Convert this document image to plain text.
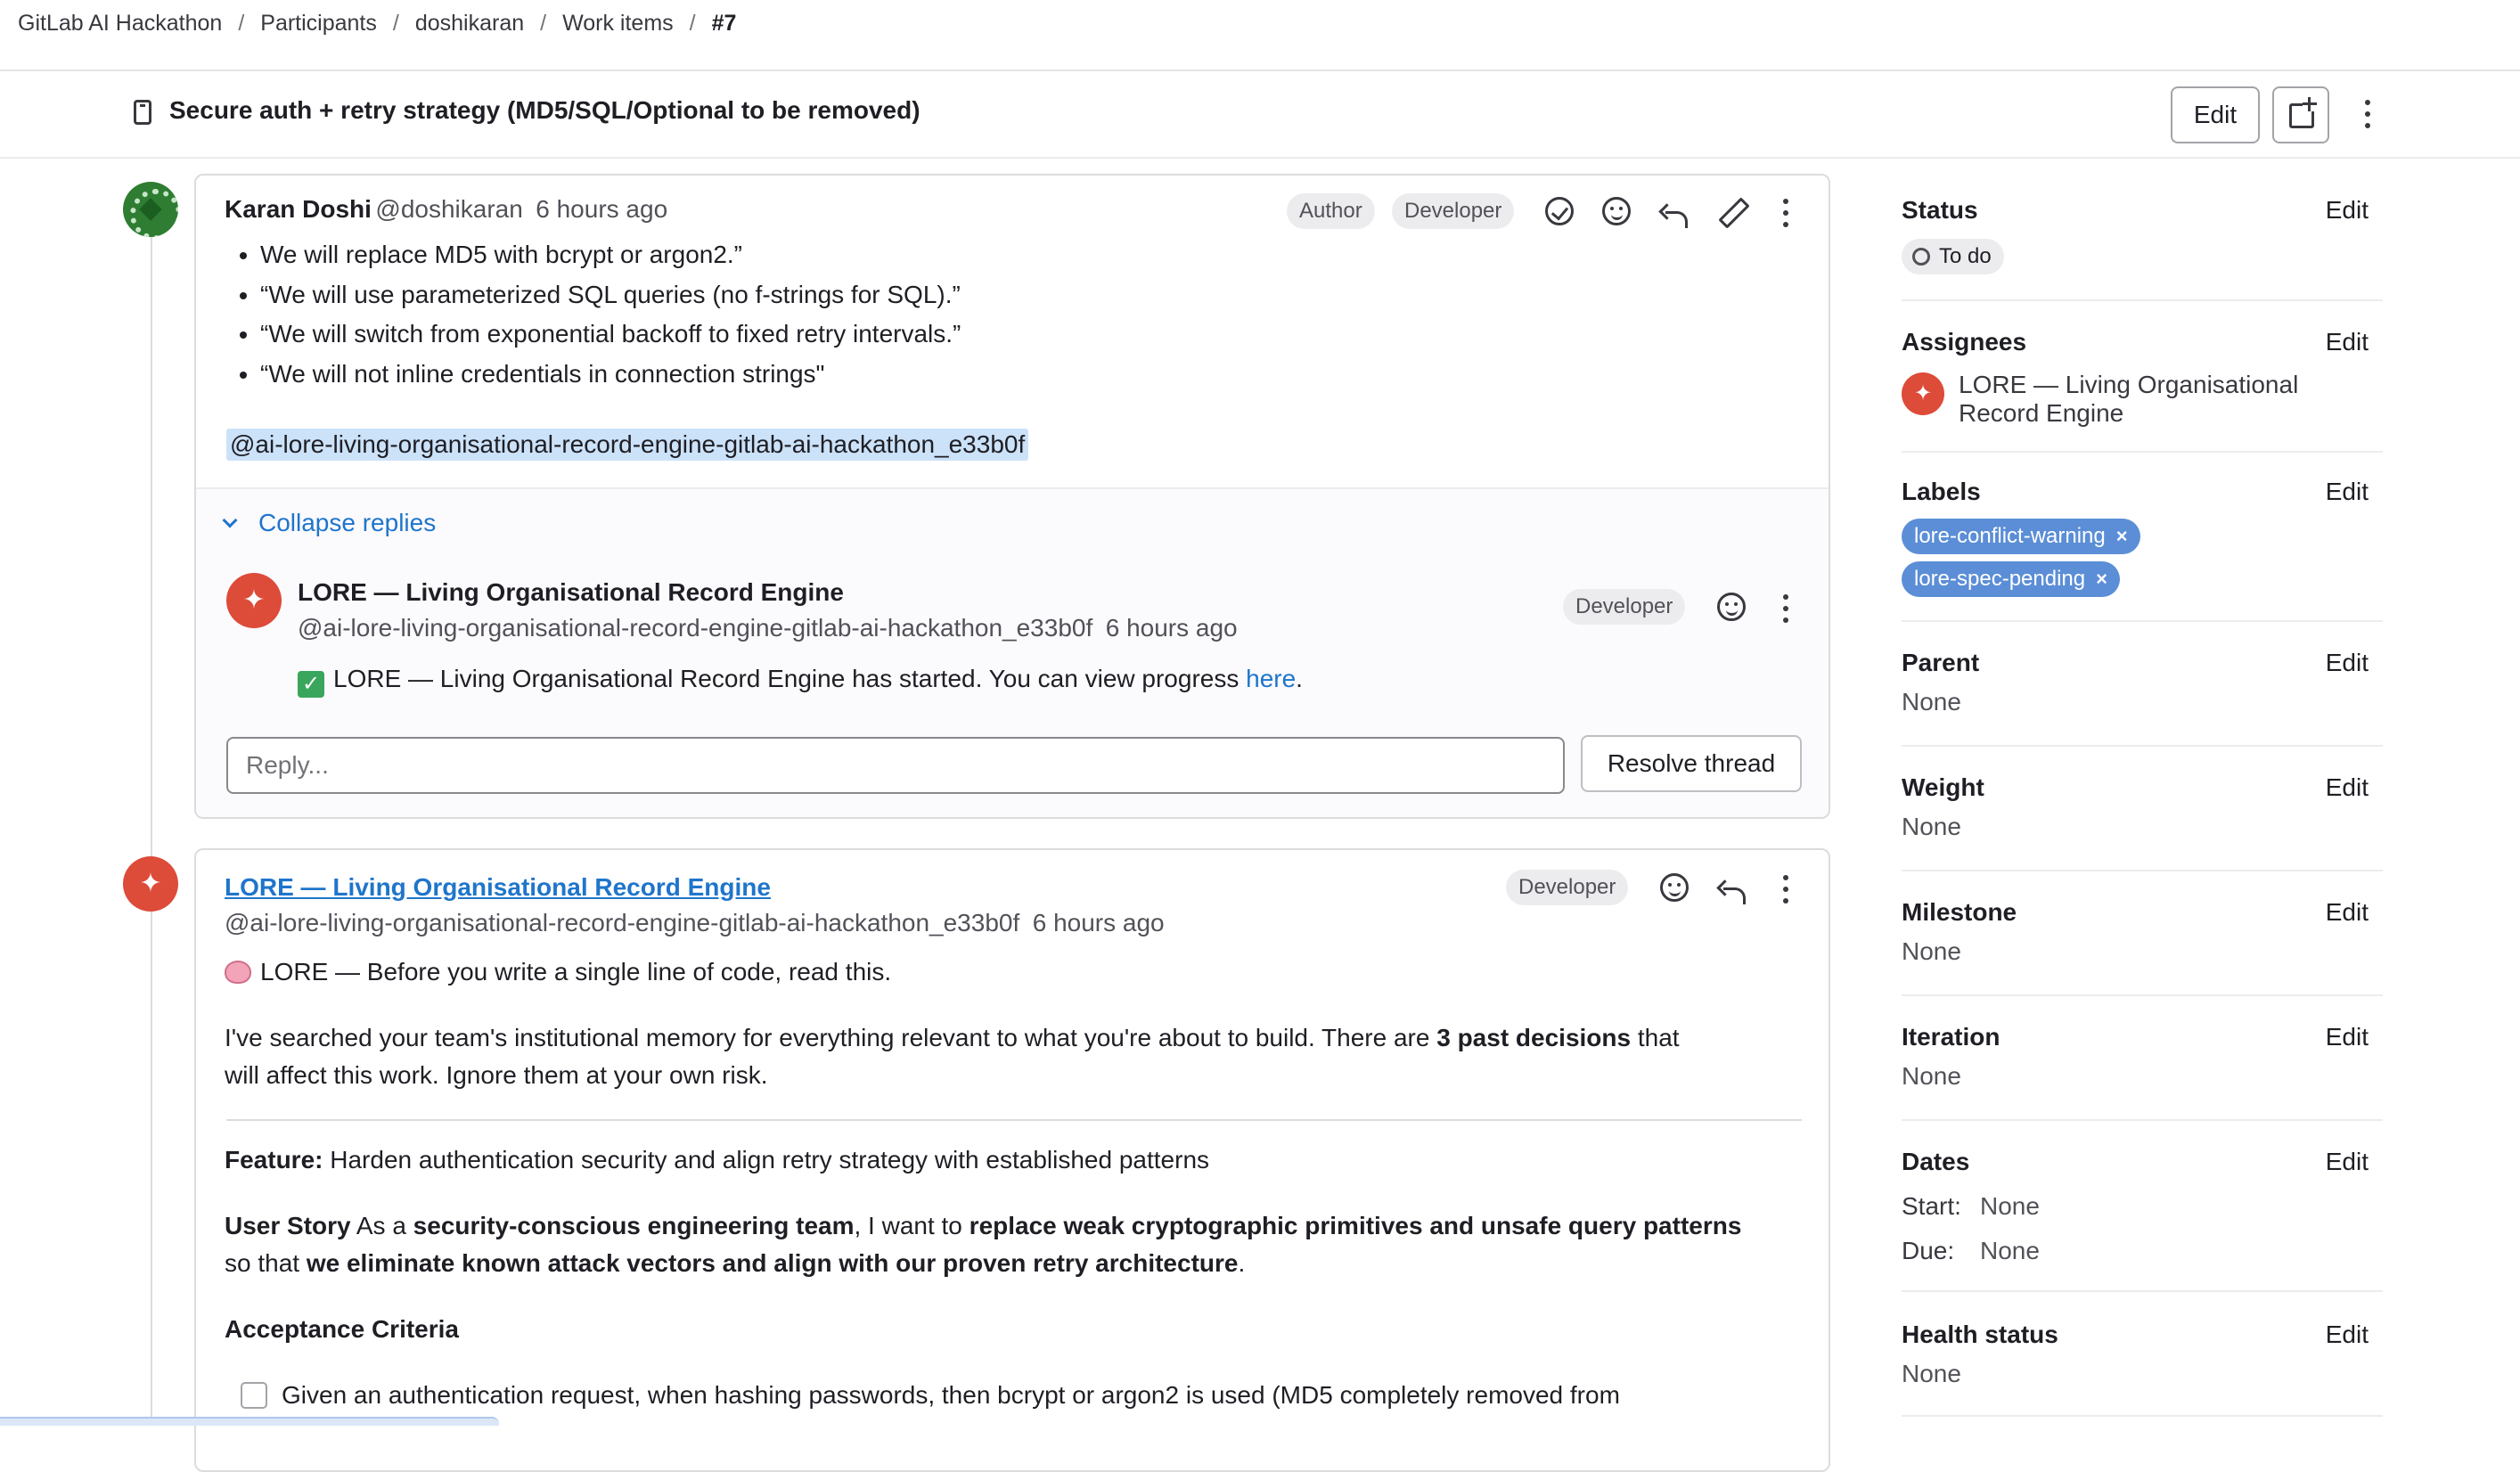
GitLab AI Hackathon / Participants / doshikaran / Work items / #7
Secure auth + retry strategy (MD5/SQL/Optional to be removed)	Edit
✦
Karan Doshi @doshikaran 6 hours ago	Author	Developer
• We will replace MD5 with bcrypt or argon2.”
• “We will use parameterized SQL queries (no f-strings for SQL).”
• “We will switch from exponential backoff to fixed retry intervals.”
• “We will not inline credentials in connection strings"
@ai-lore-living-organisational-record-engine-gitlab-ai-hackathon_e33b0f
Collapse replies
✦ LORE — Living Organisational Record Engine
@ai-lore-living-organisational-record-engine-gitlab-ai-hackathon_e33b0f 6 hours ago
Developer
✓ LORE — Living Organisational Record Engine has started. You can view progress here.
Reply...
Resolve thread
LORE — Living Organisational Record Engine
@ai-lore-living-organisational-record-engine-gitlab-ai-hackathon_e33b0f 6 hours ago
Developer
LORE — Before you write a single line of code, read this.
I've searched your team's institutional memory for everything relevant to what you're about to build. There are 3 past decisions that
will affect this work. Ignore them at your own risk.
Feature: Harden authentication security and align retry strategy with established patterns
User Story As a security-conscious engineering team, I want to replace weak cryptographic primitives and unsafe query patterns
so that we eliminate known attack vectors and align with our proven retry architecture.
Acceptance Criteria
Given an authentication request, when hashing passwords, then bcrypt or argon2 is used (MD5 completely removed from
Status	Edit
To do
Assignees	Edit
✦ LORE — Living Organisational
Record Engine
Labels	Edit
lore-conflict-warning ×
lore-spec-pending ×
Parent	Edit
None
Weight	Edit
None
Milestone	Edit
None
Iteration	Edit
None
Dates	Edit
Start: None
Due: None
Health status	Edit
None
